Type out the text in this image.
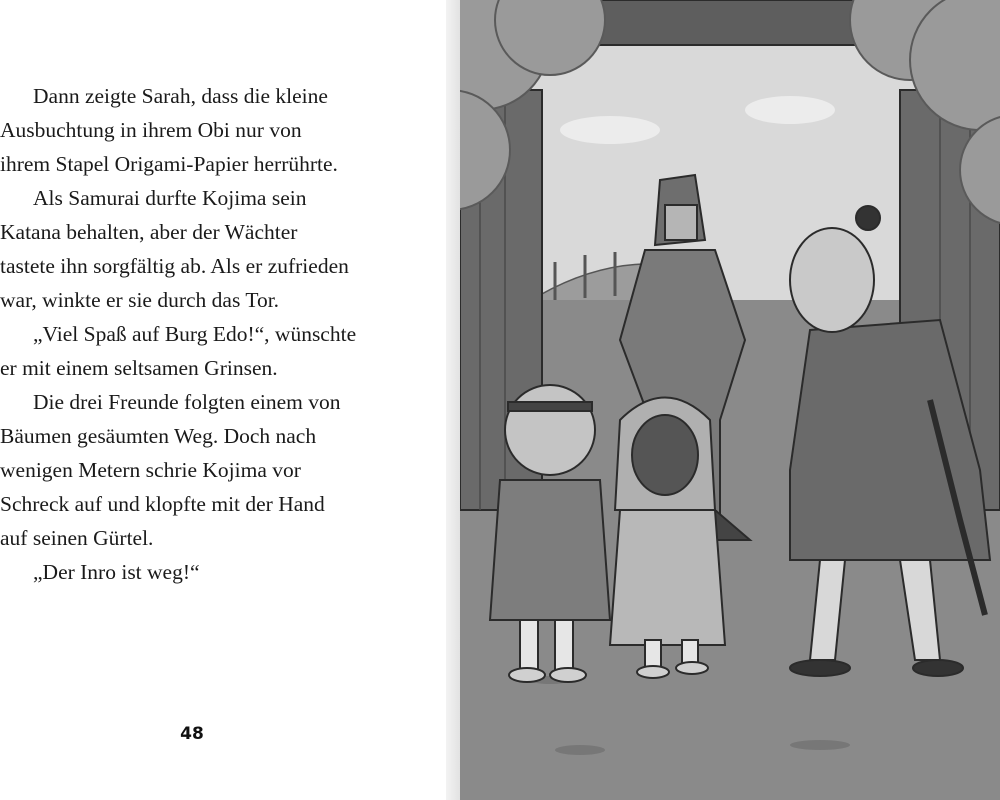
Dann zeigte Sarah, dass die kleine
Ausbuchtung in ihrem Obi nur von
ihrem Stapel Origami-Papier herrührte.

Als Samurai durfte Kojima sein
Katana behalten, aber der Wächter
tastete ihn sorgfältig ab. Als er zufrieden
war, winkte er sie durch das Tor.

„Viel Spaß auf Burg Edo!“, wünschte
er mit einem seltsamen Grinsen.

Die drei Freunde folgten einem von
Bäumen gesäumten Weg. Doch nach
wenigen Metern schrie Kojima vor
Schreck auf und klopfte mit der Hand
auf seinen Gürtel.

„Der Inro ist weg!“

48
